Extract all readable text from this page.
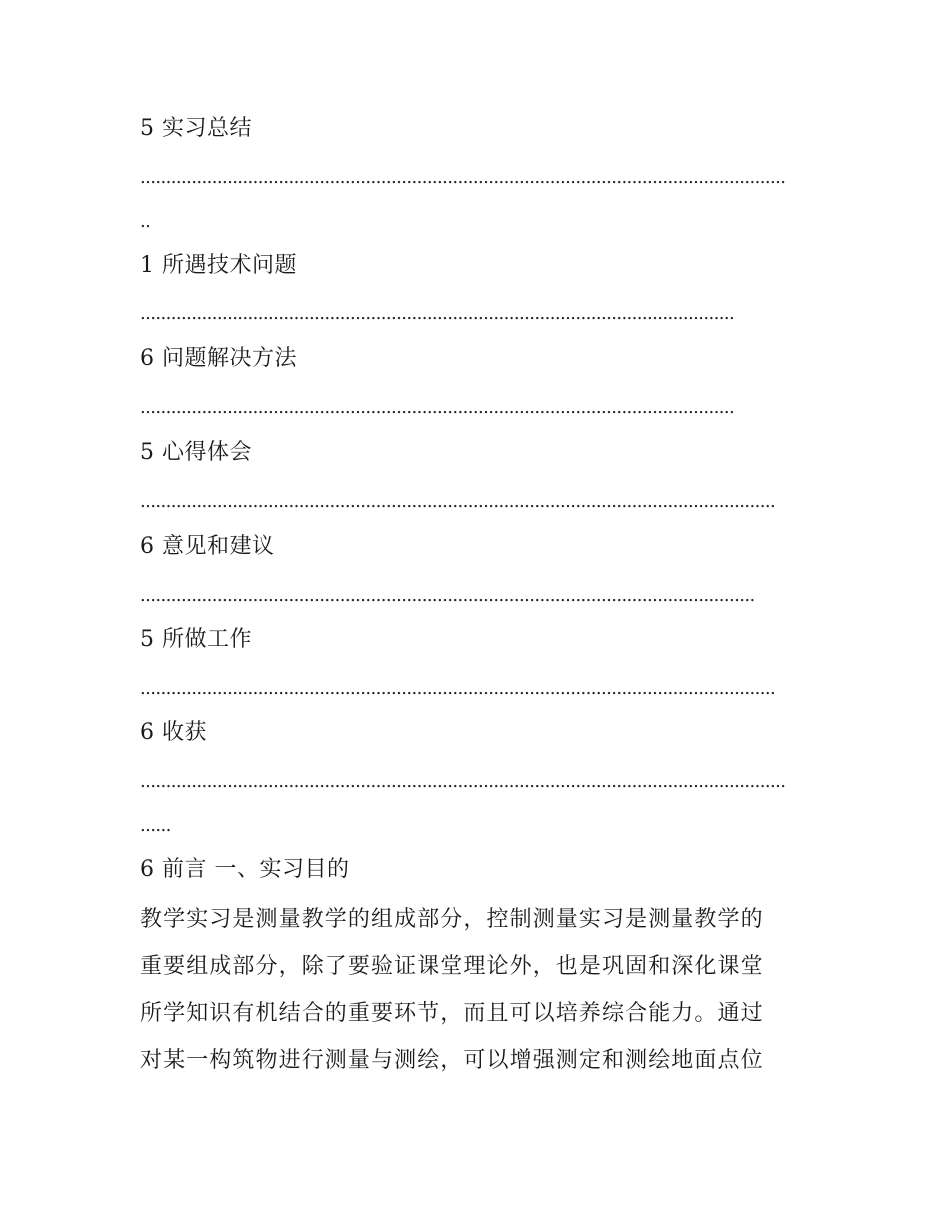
5 实习总结
..............................................................................................................................
..
1 所遇技术问题
....................................................................................................................
6 问题解决方法
....................................................................................................................
5 心得体会
............................................................................................................................
6 意见和建议
........................................................................................................................
5 所做工作
............................................................................................................................
6 收获
..............................................................................................................................
......
6 前言 一、实习目的

教学实习是测量教学的组成部分，控制测量实习是测量教学的

重要组成部分，除了要验证课堂理论外，也是巩固和深化课堂

所学知识有机结合的重要环节，而且可以培养综合能力。通过

对某一构筑物进行测量与测绘，可以增强测定和测绘地面点位
